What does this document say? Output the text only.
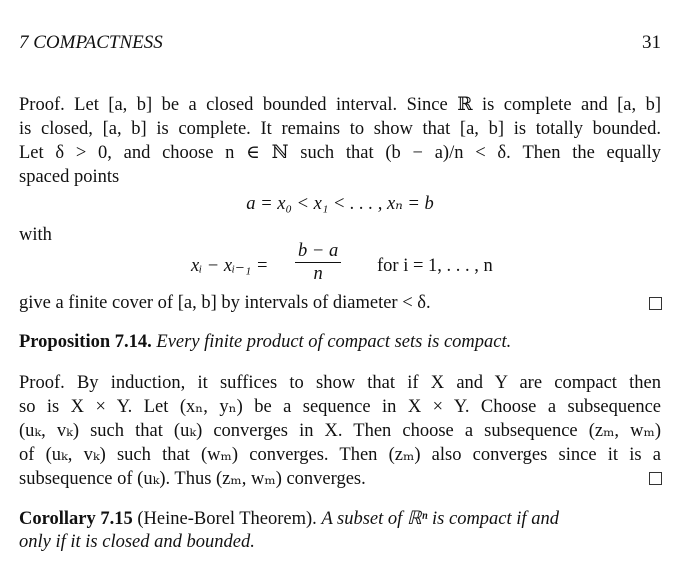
7 COMPACTNESS	31
Proof. Let [a, b] be a closed bounded interval. Since ℝ is complete and [a, b]
is closed, [a, b] is complete. It remains to show that [a, b] is totally bounded.
Let δ > 0, and choose n ∈ ℕ such that (b − a)/n < δ. Then the equally
spaced points
a = x₀ < x₁ < . . . , xₙ = b
with
xᵢ − xᵢ₋₁ = $\frac{b - a}{n}$ for i = 1, . . . , n
give a finite cover of [a, b] by intervals of diameter < δ.
Proposition 7.14. Every finite product of compact sets is compact.
Proof. By induction, it suffices to show that if X and Y are compact then
so is X × Y. Let (xₙ, yₙ) be a sequence in X × Y. Choose a subsequence
(uₖ, vₖ) such that (uₖ) converges in X. Then choose a subsequence (zₘ, wₘ)
of (uₖ, vₖ) such that (wₘ) converges. Then (zₘ) also converges since it is a
subsequence of (uₖ). Thus (zₘ, wₘ) converges.
Corollary 7.15 (Heine-Borel Theorem). A subset of ℝⁿ is compact if and
only if it is closed and bounded.
